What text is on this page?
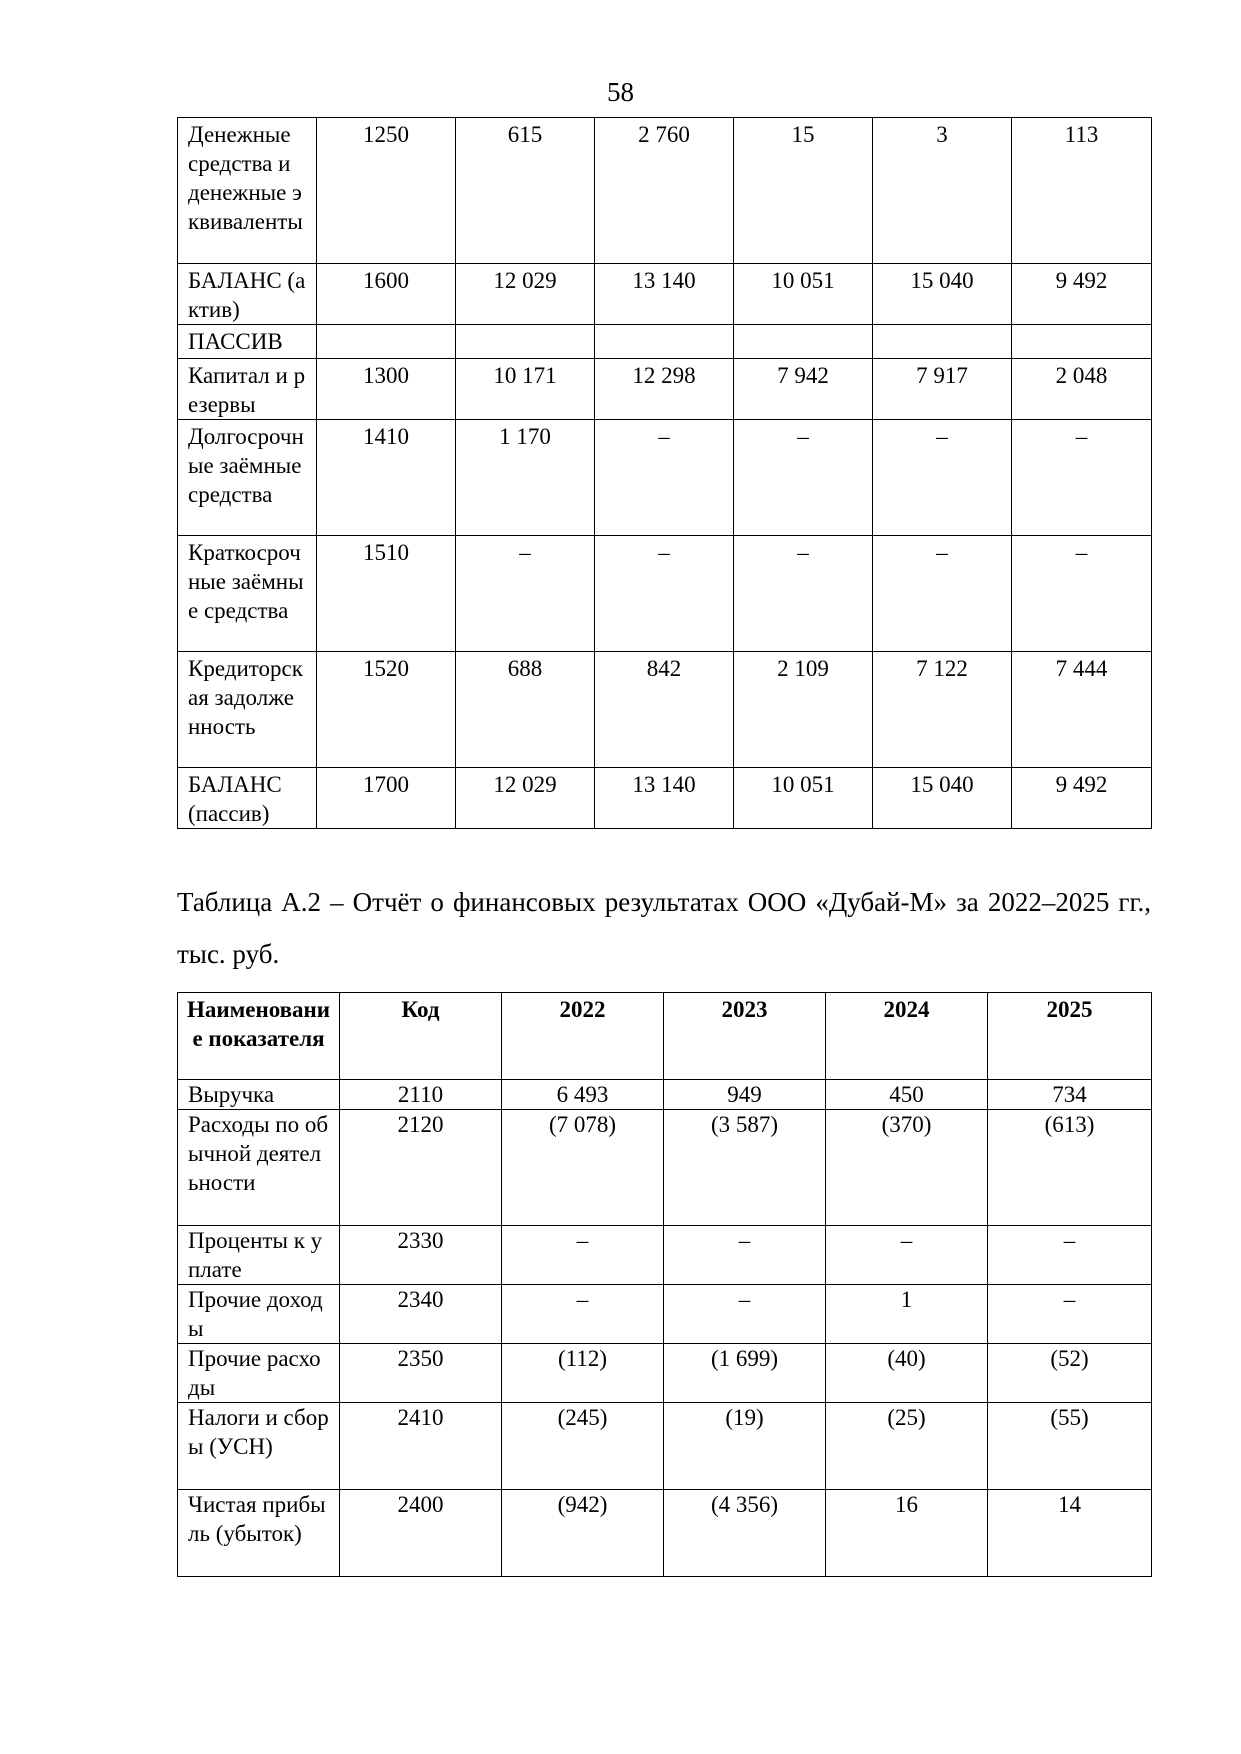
58
Денежные средства и денежные эквиваленты	1250	615	2 760	15	3	113
БАЛАНС (актив)	1600	12 029	13 140	10 051	15 040	9 492
ПАССИВ						
Капитал и резервы	1300	10 171	12 298	7 942	7 917	2 048
Долгосрочные заёмные средства	1410	1 170	–	–	–	–
Краткосрочные заёмные средства	1510	–	–	–	–	–
Кредиторская задолженность	1520	688	842	2 109	7 122	7 444
БАЛАНС (пассив)	1700	12 029	13 140	10 051	15 040	9 492
Таблица А.2 – Отчёт о финансовых результатах ООО «Дубай-М» за 2022–2025 гг., тыс. руб.
Наименование показателя	Код	2022	2023	2024	2025
Выручка	2110	6 493	949	450	734
Расходы по обычной деятельности	2120	(7 078)	(3 587)	(370)	(613)
Проценты к уплате	2330	–	–	–	–
Прочие доходы	2340	–	–	1	–
Прочие расходы	2350	(112)	(1 699)	(40)	(52)
Налоги и сборы (УСН)	2410	(245)	(19)	(25)	(55)
Чистая прибыль (убыток)	2400	(942)	(4 356)	16	14
